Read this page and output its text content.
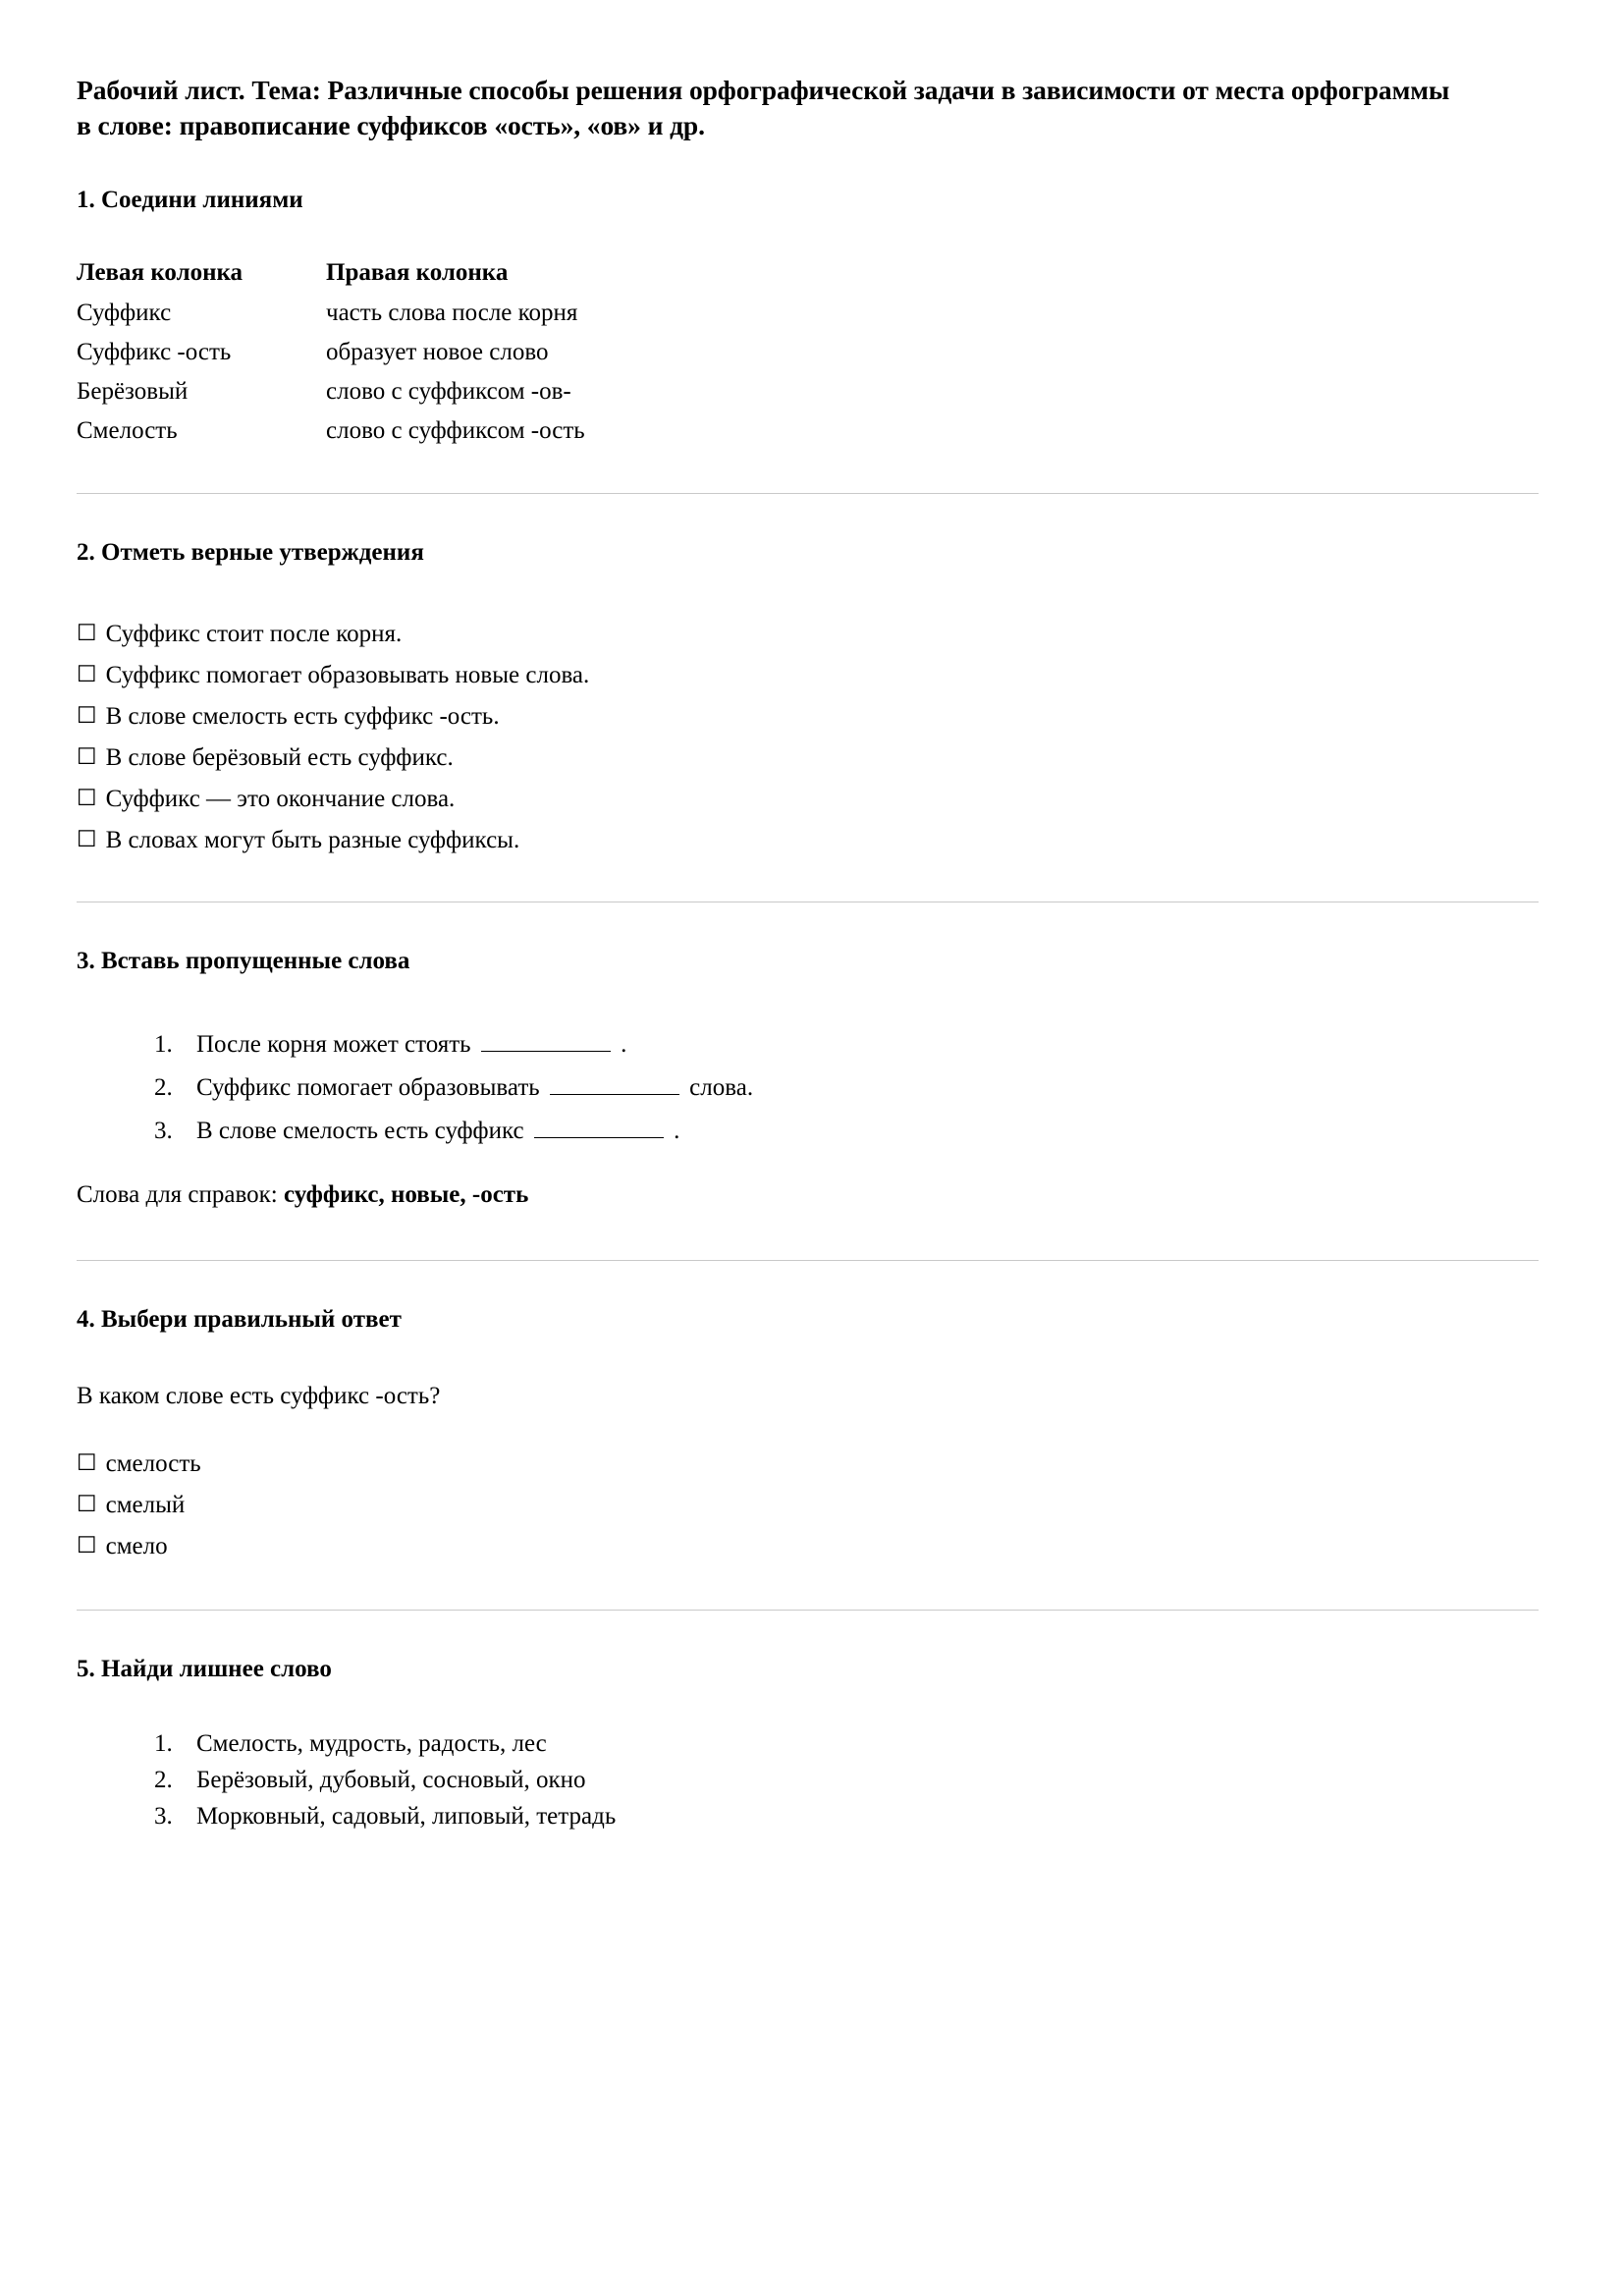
Рабочий лист. Тема: Различные способы решения орфографической задачи в зависимости от места орфограммы в слове: правописание суффиксов «ость», «ов» и др.
1. Соедини линиями
Левая колонка	Правая колонка
Суффикс	часть слова после корня
Суффикс -ость	образует новое слово
Берёзовый	слово с суффиксом -ов-
Смелость	слово с суффиксом -ость
2. Отметь верные утверждения
☐ Суффикс стоит после корня.
☐ Суффикс помогает образовывать новые слова.
☐ В слове смелость есть суффикс -ость.
☐ В слове берёзовый есть суффикс.
☐ Суффикс — это окончание слова.
☐ В словах могут быть разные суффиксы.
3. Вставь пропущенные слова
1. После корня может стоять	.
2. Суффикс помогает образовывать	слова.
3. В слове смелость есть суффикс	.

Слова для справок: суффикс, новые, -ость

4. Выбери правильный ответ

В каком слове есть суффикс -ость?

☐ смелость
☐ смелый
☐ смело
5. Найди лишнее слово
1. Смелость, мудрость, радость, лес
2. Берёзовый, дубовый, сосновый, окно
3. Морковный, садовый, липовый, тетрадь
